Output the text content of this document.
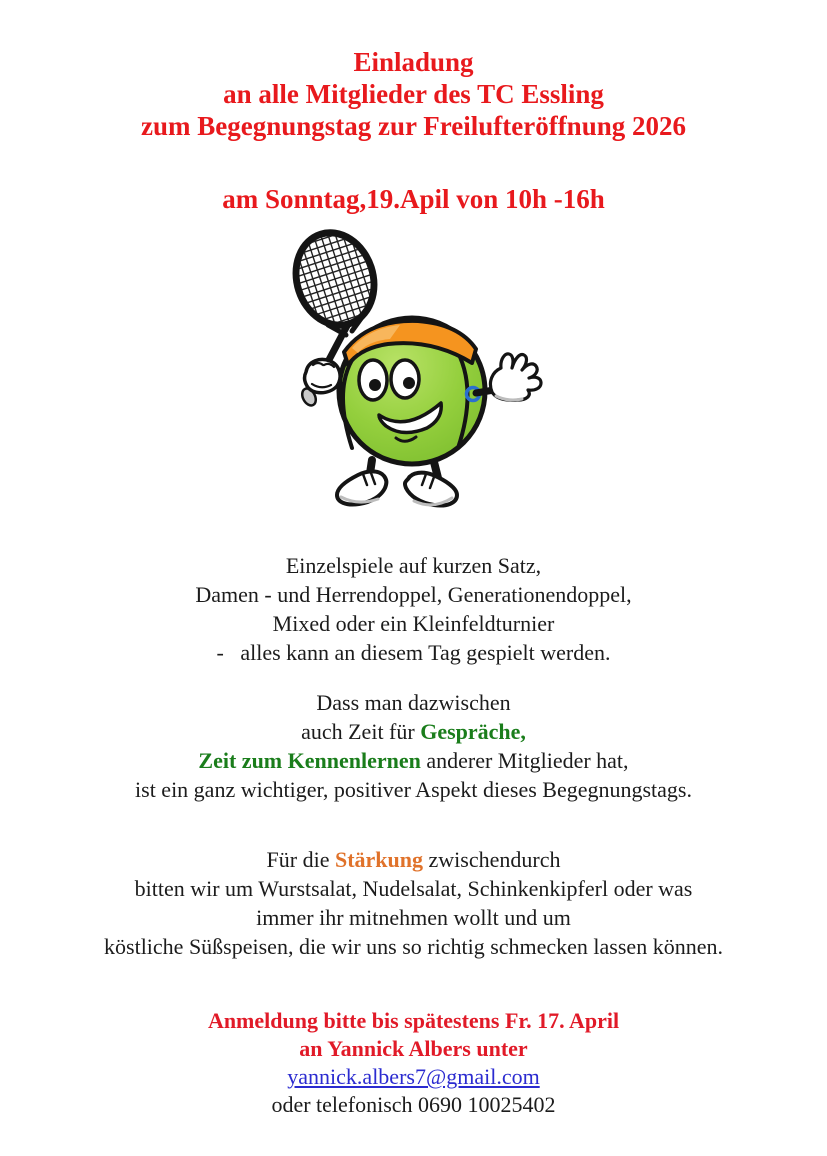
Einladung
an alle Mitglieder des TC Essling
zum Begegnungstag zur Freilufteröffnung 2026
am Sonntag,19.Apil von 10h -16h
Einzelspiele auf kurzen Satz,
Damen - und Herrendoppel, Generationendoppel,
Mixed oder ein Kleinfeldturnier
-   alles kann an diesem Tag gespielt werden.
Dass man dazwischen
auch Zeit für Gespräche,
Zeit zum Kennenlernen anderer Mitglieder hat,
ist ein ganz wichtiger, positiver Aspekt dieses Begegnungstags.
Für die Stärkung zwischendurch
bitten wir um Wurstsalat, Nudelsalat, Schinkenkipferl oder was
immer ihr mitnehmen wollt und um
köstliche Süßspeisen, die wir uns so richtig schmecken lassen können.
Anmeldung bitte bis spätestens Fr. 17. April
an Yannick Albers unter
yannick.albers7@gmail.com
oder telefonisch 0690 10025402
